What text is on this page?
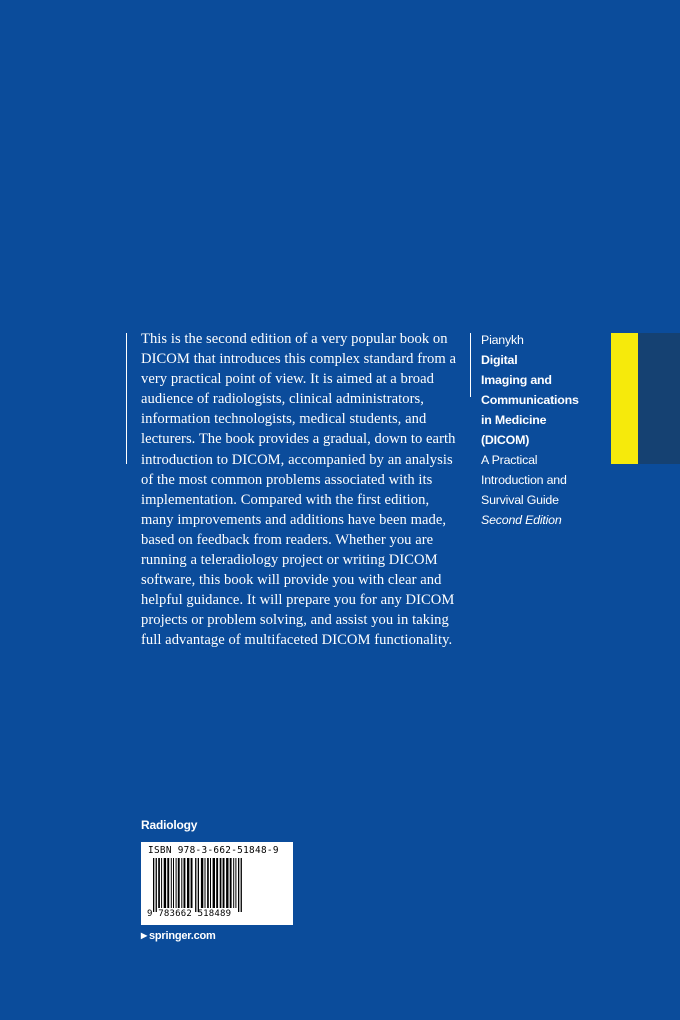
This is the second edition of a very popular book on DICOM that introduces this complex standard from a very practical point of view. It is aimed at a broad audience of radiologists, clinical administrators, information technologists, medical students, and lecturers. The book provides a gradual, down to earth introduction to DICOM, accompanied by an analysis of the most common problems associated with its implementation. Compared with the first edition, many improvements and additions have been made, based on feedback from readers. Whether you are running a teleradiology project or writing DICOM software, this book will provide you with clear and helpful guidance. It will prepare you for any DICOM projects or problem solving, and assist you in taking full advantage of multifaceted DICOM functionality.

Pianykh
Digital
Imaging and
Communications
in Medicine
(DICOM)
A Practical
Introduction and
Survival Guide
Second Edition
Radiology
ISBN 978-3-662-51848-9
9 783662 518489
▶ springer.com
